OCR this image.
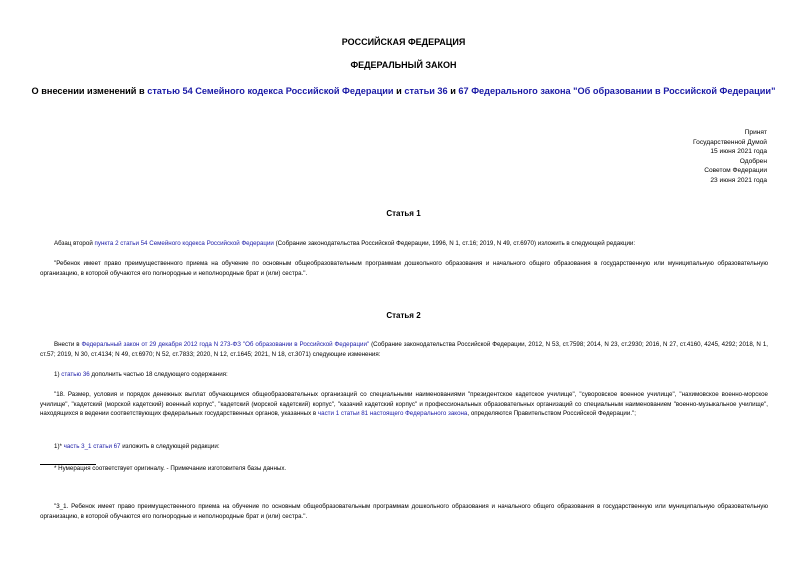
РОССИЙСКАЯ ФЕДЕРАЦИЯ
ФЕДЕРАЛЬНЫЙ ЗАКОН
О внесении изменений в статью 54 Семейного кодекса Российской Федерации и статьи 36 и 67 Федерального закона "Об образовании в Российской Федерации"
Принят
Государственной Думой
15 июня 2021 года
Одобрен
Советом Федерации
23 июня 2021 года
Статья 1
Абзац второй пункта 2 статьи 54 Семейного кодекса Российской Федерации (Собрание законодательства Российской Федерации, 1996, N 1, ст.16; 2019, N 49, ст.6970) изложить в следующей редакции:
"Ребенок имеет право преимущественного приема на обучение по основным общеобразовательным программам дошкольного образования и начального общего образования в государственную или муниципальную образовательную организацию, в которой обучаются его полнородные и неполнородные брат и (или) сестра.".
Статья 2
Внести в Федеральный закон от 29 декабря 2012 года N 273-ФЗ "Об образовании в Российской Федерации" (Собрание законодательства Российской Федерации, 2012, N 53, ст.7598; 2014, N 23, ст.2930; 2016, N 27, ст.4160, 4245, 4292; 2018, N 1, ст.57; 2019, N 30, ст.4134; N 49, ст.6970; N 52, ст.7833; 2020, N 12, ст.1645; 2021, N 18, ст.3071) следующие изменения:
1) статью 36 дополнить частью 18 следующего содержания:
"18. Размер, условия и порядок денежных выплат обучающимся общеобразовательных организаций со специальными наименованиями "президентское кадетское училище", "суворовское военное училище", "нахимовское военно-морское училище", "кадетский (морской кадетский) военный корпус", "кадетский (морской кадетский) корпус", "казачий кадетский корпус" и профессиональных образовательных организаций со специальным наименованием "военно-музыкальное училище", находящихся в ведении соответствующих федеральных государственных органов, указанных в части 1 статьи 81 настоящего Федерального закона, определяются Правительством Российской Федерации.";
1)* часть 3_1 статьи 67 изложить в следующей редакции:
* Нумерация соответствует оригиналу. - Примечание изготовителя базы данных.
"3_1. Ребенок имеет право преимущественного приема на обучение по основным общеобразовательным программам дошкольного образования и начального общего образования в государственную или муниципальную образовательную организацию, в которой обучаются его полнородные и неполнородные брат и (или) сестра.".
